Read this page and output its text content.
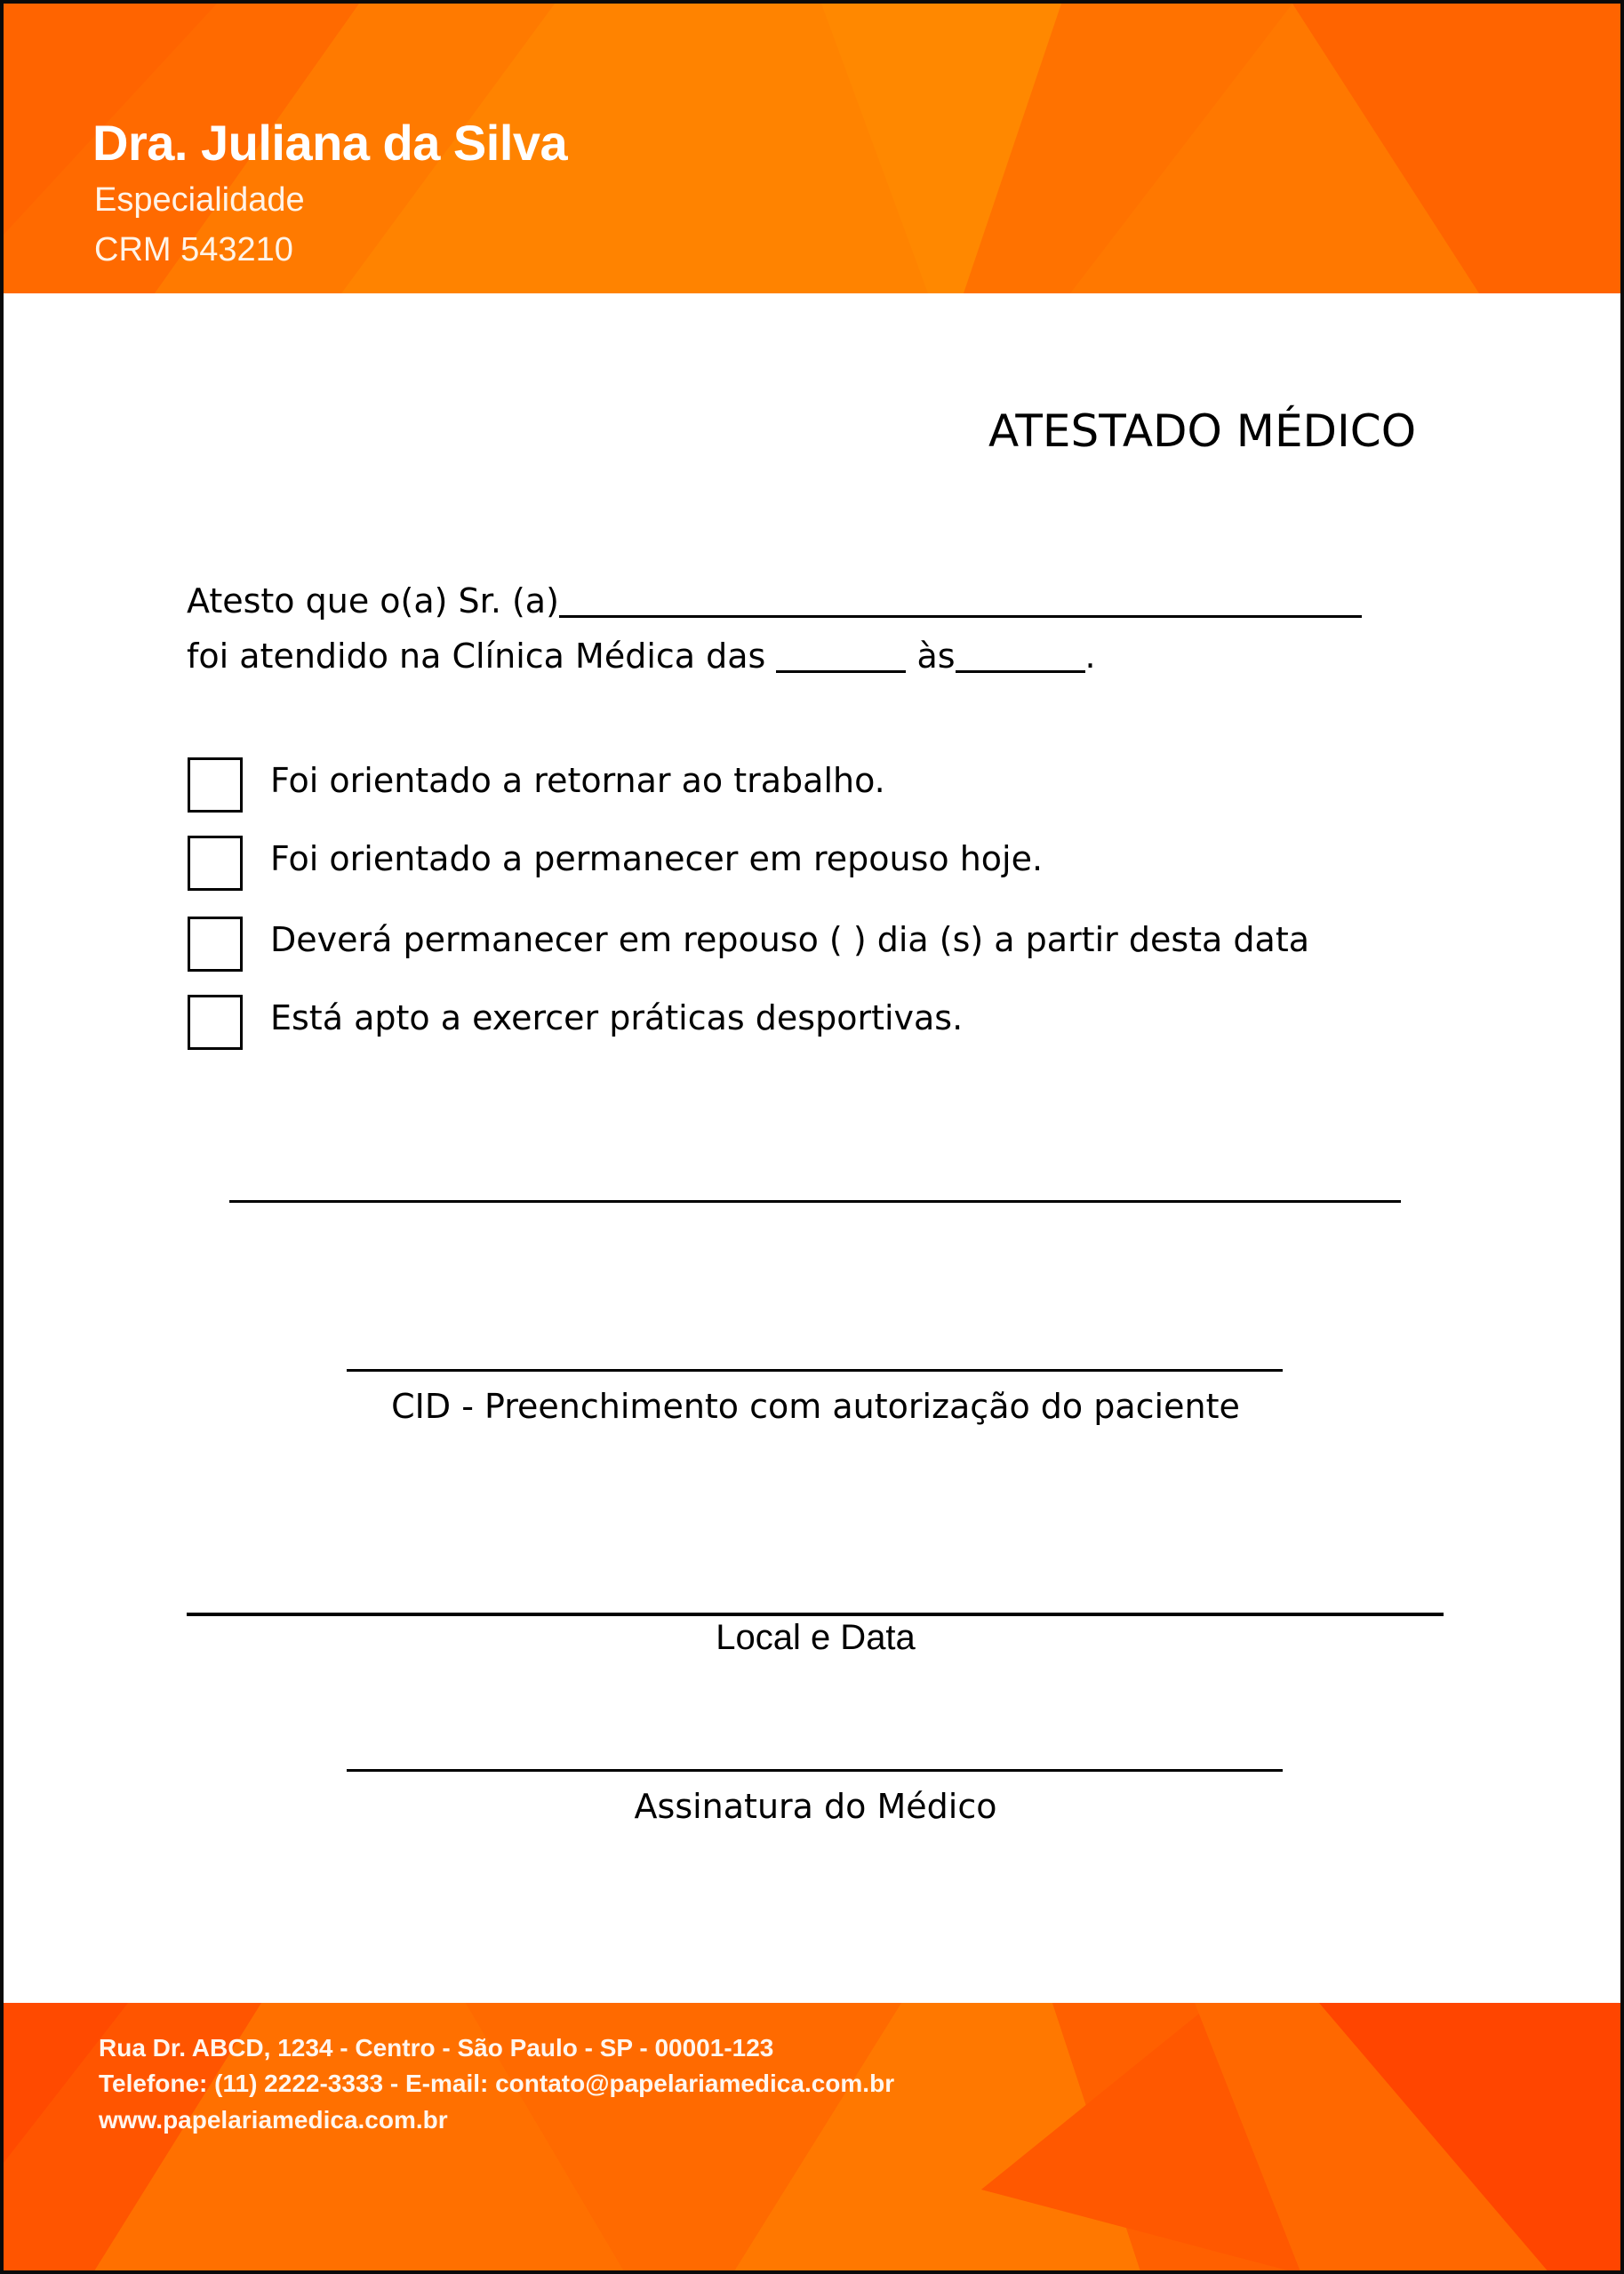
Dra. Juliana da Silva
Especialidade
CRM 543210
ATESTADO MÉDICO
Atesto que o(a) Sr. (a)
foi atendido na Clínica Médica das	às	.
Foi orientado a retornar ao trabalho.
Foi orientado a permanecer em repouso hoje.
Deverá permanecer em repouso ( ) dia (s) a partir desta data
Está apto a exercer práticas desportivas.
CID - Preenchimento com autorização do paciente
Local e Data
Assinatura do Médico
Rua Dr. ABCD, 1234 - Centro - São Paulo - SP - 00001-123
Telefone: (11) 2222-3333 - E-mail: contato@papelariamedica.com.br
www.papelariamedica.com.br
